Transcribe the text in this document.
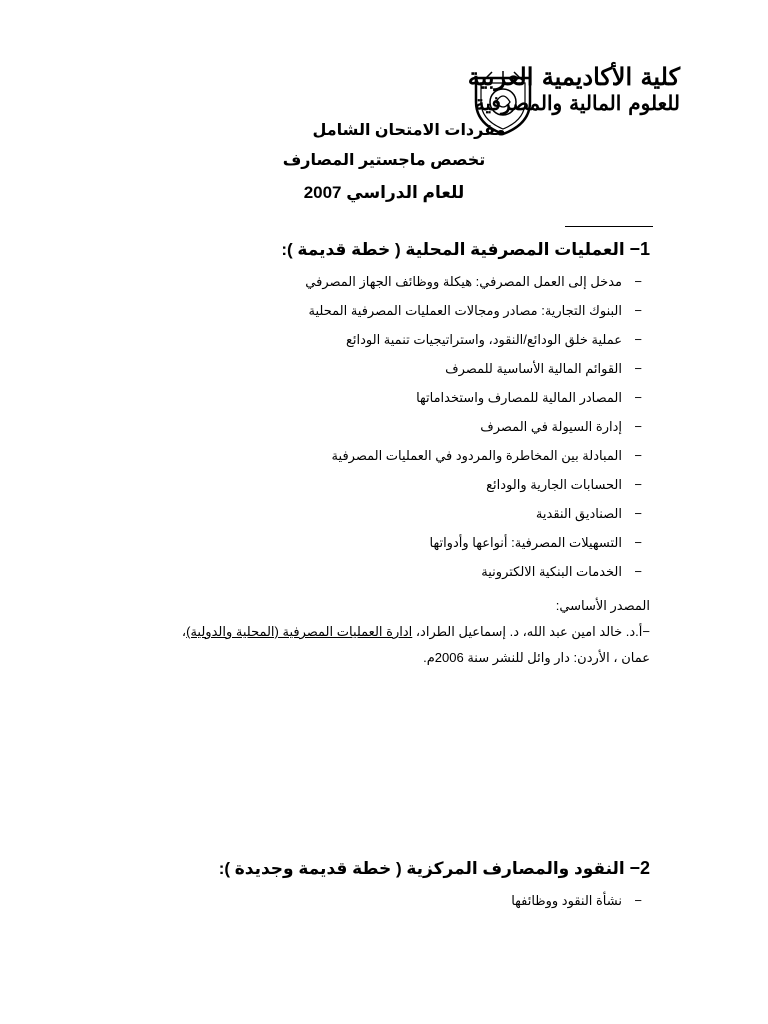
كلية الأكاديمية العربية
للعلوم المالية والمصرفية
مفردات الامتحان الشامل
تخصص ماجستير المصارف
للعام الدراسي 2007
1− العمليات المصرفية المحلية ( خطة قديمة ):
−مدخل إلى العمل المصرفي: هيكلة ووظائف الجهاز المصرفي
−البنوك التجارية: مصادر ومجالات العمليات المصرفية المحلية
−عملية خلق الودائع/النقود، واستراتيجيات تنمية الودائع
−القوائم المالية الأساسية للمصرف
−المصادر المالية للمصارف واستخداماتها
−إدارة السيولة في المصرف
−المبادلة بين المخاطرة والمردود في العمليات المصرفية
−الحسابات الجارية والودائع
−الصناديق النقدية
−التسهيلات المصرفية: أنواعها وأدواتها
−الخدمات البنكية الالكترونية
المصدر الأساسي:
−أ.د. خالد امين عبد الله، د. إسماعيل الطراد، ادارة العمليات المصرفية (المحلية والدولية)،
عمان ، الأردن: دار وائل للنشر سنة 2006م.
2− النقود والمصارف المركزية ( خطة قديمة وجديدة ):
−نشأة النقود ووظائفها
